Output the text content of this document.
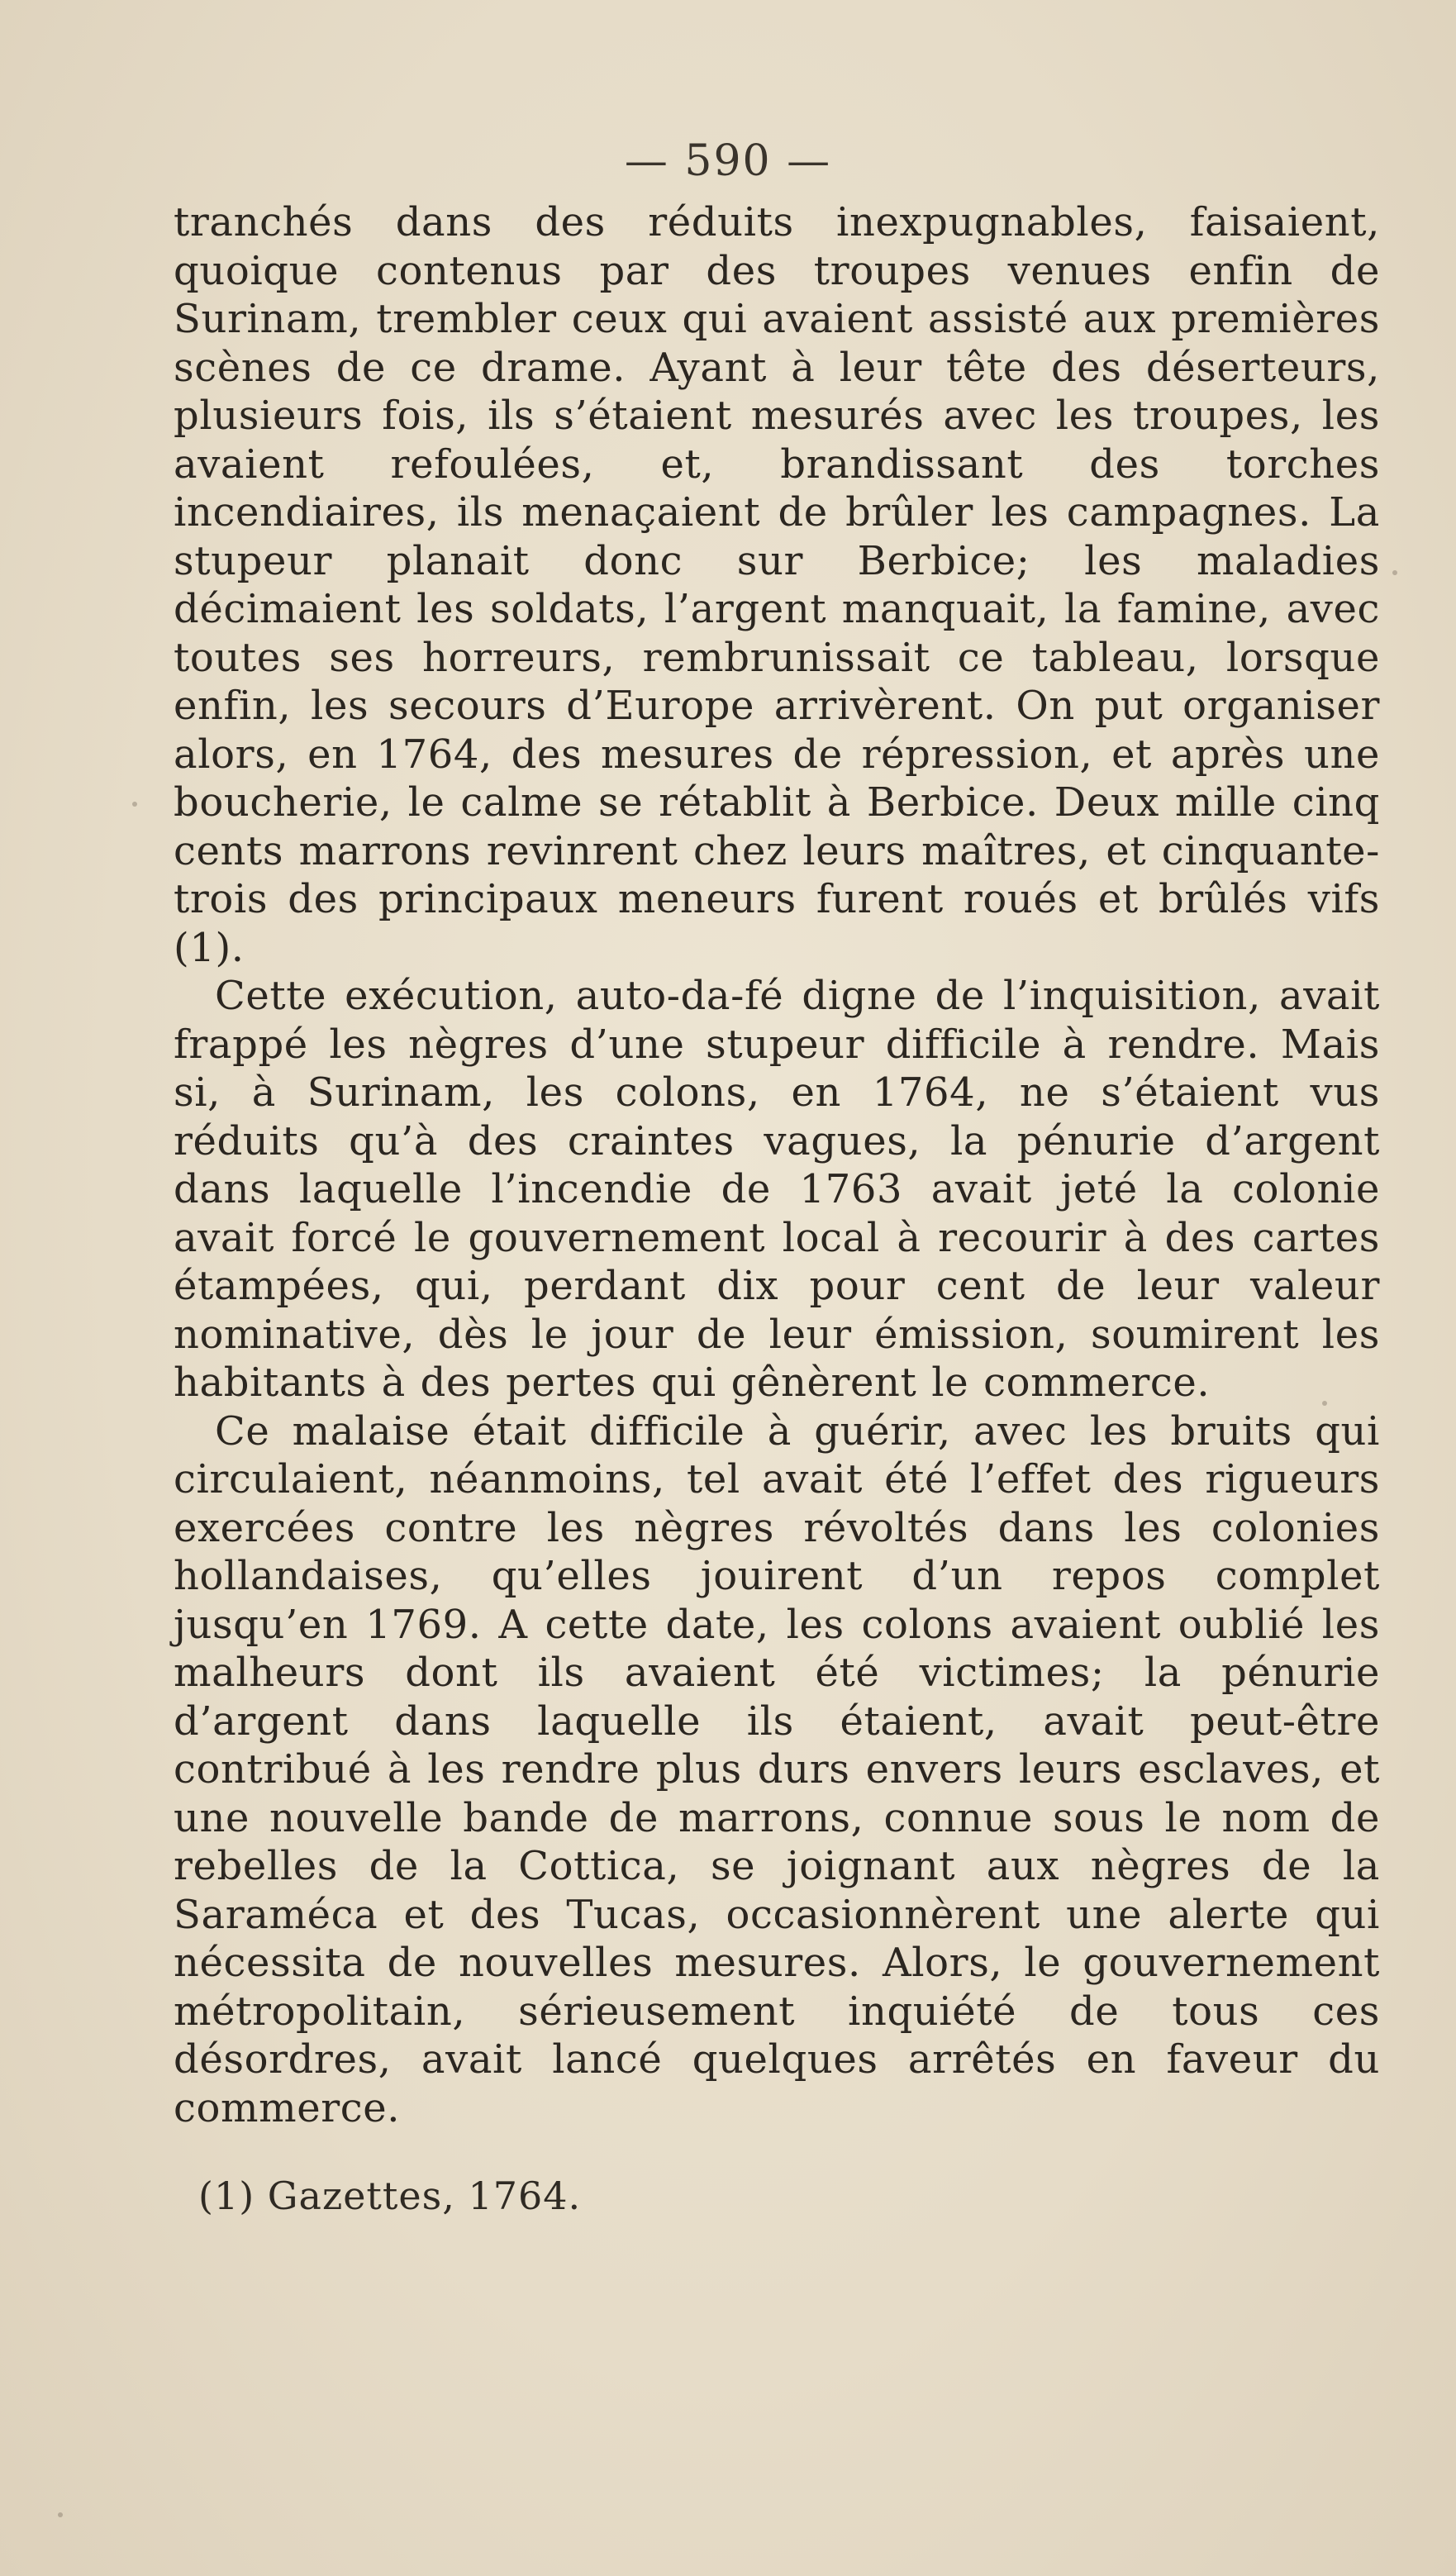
— 590 —

tranchés dans des réduits inexpugnables, faisaient, quoique contenus par des troupes venues enfin de Surinam, trembler ceux qui avaient assisté aux premières scènes de ce drame. Ayant à leur tête des déserteurs, plusieurs fois, ils s’étaient mesurés avec les troupes, les avaient refoulées, et, brandissant des torches incendiaires, ils menaçaient de brûler les campagnes. La stupeur planait donc sur Berbice; les maladies décimaient les soldats, l’argent manquait, la famine, avec toutes ses horreurs, rembrunissait ce tableau, lorsque enfin, les secours d’Europe arrivèrent. On put organiser alors, en 1764, des mesures de répression, et après une boucherie, le calme se rétablit à Berbice. Deux mille cinq cents marrons revinrent chez leurs maîtres, et cinquante-trois des principaux meneurs furent roués et brûlés vifs (1).

Cette exécution, auto-da-fé digne de l’inquisition, avait frappé les nègres d’une stupeur difficile à rendre. Mais si, à Surinam, les colons, en 1764, ne s’étaient vus réduits qu’à des craintes vagues, la pénurie d’argent dans laquelle l’incendie de 1763 avait jeté la colonie avait forcé le gouvernement local à recourir à des cartes étampées, qui, perdant dix pour cent de leur valeur nominative, dès le jour de leur émission, soumirent les habitants à des pertes qui gênèrent le commerce.

Ce malaise était difficile à guérir, avec les bruits qui circulaient, néanmoins, tel avait été l’effet des rigueurs exercées contre les nègres révoltés dans les colonies hollandaises, qu’elles jouirent d’un repos complet jusqu’en 1769. A cette date, les colons avaient oublié les malheurs dont ils avaient été victimes; la pénurie d’argent dans laquelle ils étaient, avait peut-être contribué à les rendre plus durs envers leurs esclaves, et une nouvelle bande de marrons, connue sous le nom de rebelles de la Cottica, se joignant aux nègres de la Saraméca et des Tucas, occasionnèrent une alerte qui nécessita de nouvelles mesures. Alors, le gouvernement métropolitain, sérieusement inquiété de tous ces désordres, avait lancé quelques arrêtés en faveur du commerce.

(1) Gazettes, 1764.
